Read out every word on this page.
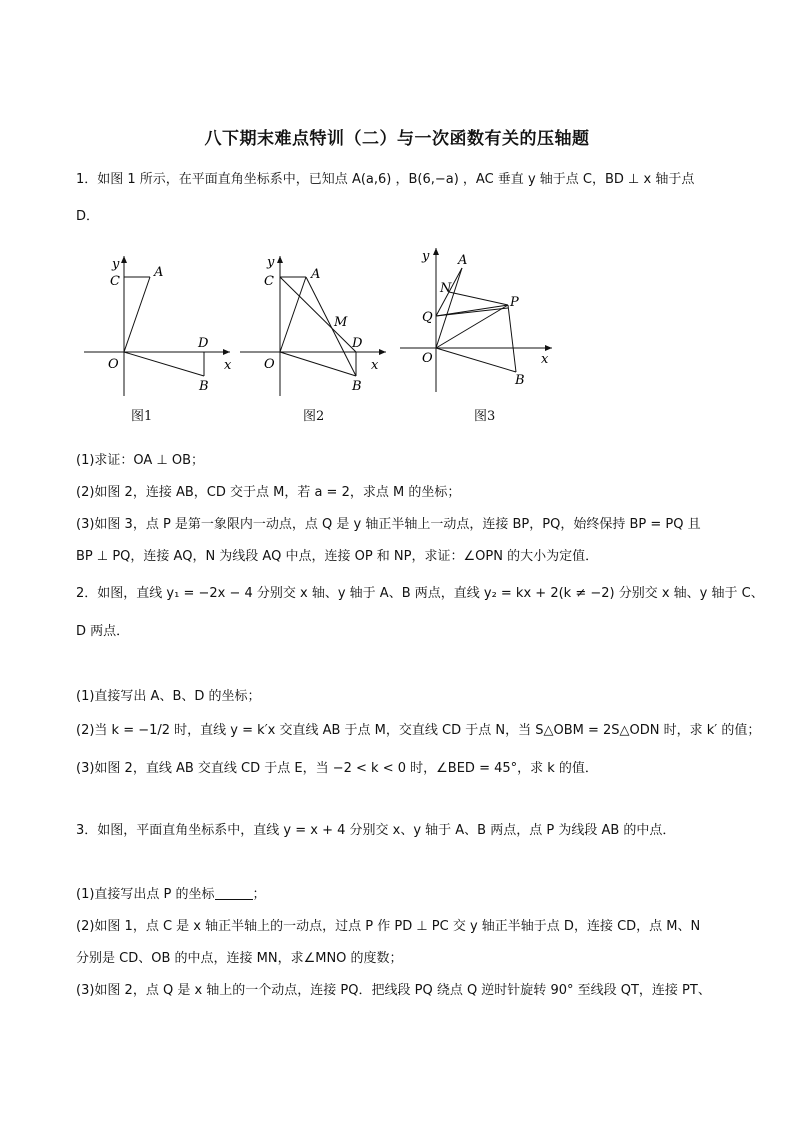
八下期末难点特训（二）与一次函数有关的压轴题
1．如图 1 所示，在平面直角坐标系中，已知点 A(a,6) ，B(6,−a) ，AC 垂直 y 轴于点 C，BD ⊥ x 轴于点
D．
y
x
C
A
O
D
B
图1
y
x
C	A
M
D
O
B
图2
y
x
A
N
P
Q
O
B
图3
(1)求证：OA ⊥ OB；
(2)如图 2，连接 AB，CD 交于点 M，若 a = 2，求点 M 的坐标；
(3)如图 3，点 P 是第一象限内一动点，点 Q 是 y 轴正半轴上一动点，连接 BP，PQ，始终保持 BP = PQ 且
BP ⊥ PQ，连接 AQ，N 为线段 AQ 中点，连接 OP 和 NP，求证：∠OPN 的大小为定值．
2．如图，直线 y₁ = −2x − 4 分别交 x 轴、y 轴于 A、B 两点，直线 y₂ = kx + 2(k ≠ −2) 分别交 x 轴、y 轴于 C、
D 两点．
(1)直接写出 A、B、D 的坐标；
(2)当 k = −1/2 时，直线 y = k′x 交直线 AB 于点 M，交直线 CD 于点 N，当 S△OBM = 2S△ODN 时，求 k′ 的值；
(3)如图 2，直线 AB 交直线 CD 于点 E，当 −2 < k < 0 时，∠BED = 45°，求 k 的值．
3．如图，平面直角坐标系中，直线 y = x + 4 分别交 x、y 轴于 A、B 两点，点 P 为线段 AB 的中点．
(1)直接写出点 P 的坐标	；
(2)如图 1，点 C 是 x 轴正半轴上的一动点，过点 P 作 PD ⊥ PC 交 y 轴正半轴于点 D，连接 CD，点 M、N
分别是 CD、OB 的中点，连接 MN，求∠MNO 的度数；
(3)如图 2，点 Q 是 x 轴上的一个动点，连接 PQ．把线段 PQ 绕点 Q 逆时针旋转 90° 至线段 QT，连接 PT、
